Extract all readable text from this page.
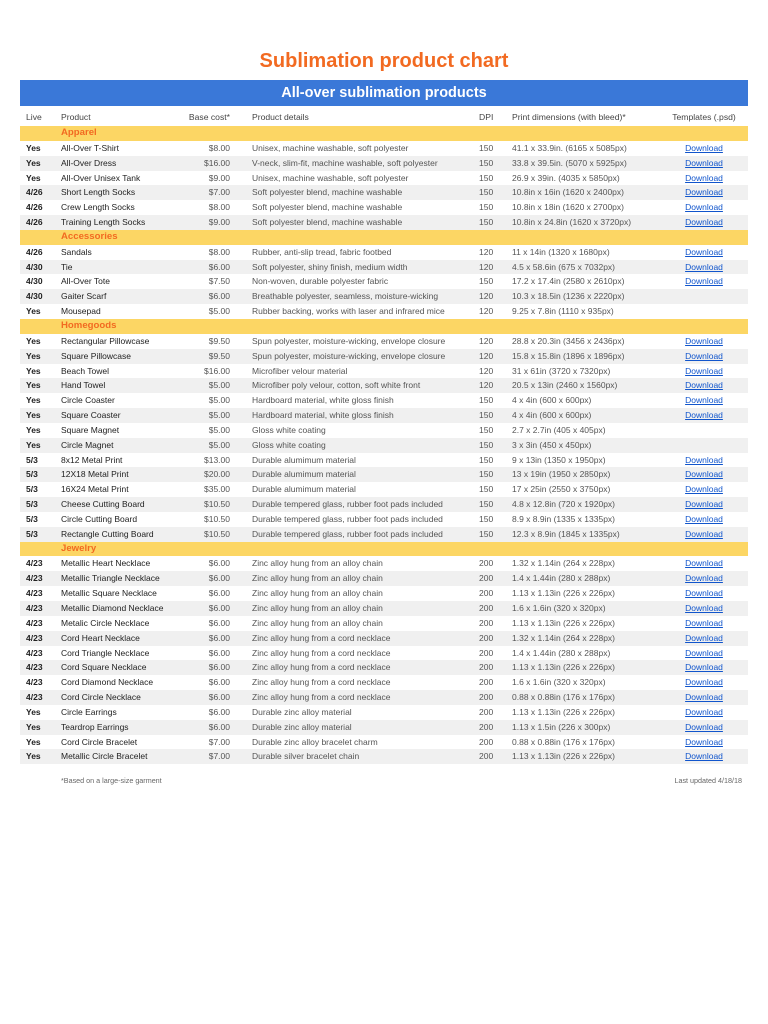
Sublimation product chart
All-over sublimation products
Live	Product	Base cost*	Product details	DPI	Print dimensions (with bleed)*	Templates (.psd)
Apparel
Yes	All-Over T-Shirt	$8.00	Unisex, machine washable, soft polyester	150	41.1 x 33.9in. (6165 x 5085px)	Download
Yes	All-Over Dress	$16.00	V-neck, slim-fit, machine washable, soft polyester	150	33.8 x 39.5in. (5070 x 5925px)	Download
Yes	All-Over Unisex Tank	$9.00	Unisex, machine washable, soft polyester	150	26.9 x 39in. (4035 x 5850px)	Download
4/26	Short Length Socks	$7.00	Soft polyester blend, machine washable	150	10.8in x 16in (1620 x 2400px)	Download
4/26	Crew Length Socks	$8.00	Soft polyester blend, machine washable	150	10.8in x 18in (1620 x 2700px)	Download
4/26	Training Length Socks	$9.00	Soft polyester blend, machine washable	150	10.8in x 24.8in (1620 x 3720px)	Download
Accessories
4/26	Sandals	$8.00	Rubber, anti-slip tread, fabric footbed	120	11 x 14in (1320 x 1680px)	Download
4/30	Tie	$6.00	Soft polyester, shiny finish, medium width	120	4.5 x 58.6in (675 x 7032px)	Download
4/30	All-Over Tote	$7.50	Non-woven, durable polyester fabric	150	17.2 x 17.4in (2580 x 2610px)	Download
4/30	Gaiter Scarf	$6.00	Breathable polyester, seamless, moisture-wicking	120	10.3 x 18.5in (1236 x 2220px)
Yes	Mousepad	$5.00	Rubber backing, works with laser and infrared mice	120	9.25 x 7.8in (1110 x 935px)
Homegoods
Yes	Rectangular Pillowcase	$9.50	Spun polyester, moisture-wicking, envelope closure	120	28.8 x 20.3in (3456 x 2436px)	Download
Yes	Square Pillowcase	$9.50	Spun polyester, moisture-wicking, envelope closure	120	15.8 x 15.8in (1896 x 1896px)	Download
Yes	Beach Towel	$16.00	Microfiber velour material	120	31 x 61in (3720 x 7320px)	Download
Yes	Hand Towel	$5.00	Microfiber poly velour, cotton, soft white front	120	20.5 x 13in (2460 x 1560px)	Download
Yes	Circle Coaster	$5.00	Hardboard material, white gloss finish	150	4 x 4in (600 x 600px)	Download
Yes	Square Coaster	$5.00	Hardboard material, white gloss finish	150	4 x 4in (600 x 600px)	Download
Yes	Square Magnet	$5.00	Gloss white coating	150	2.7 x 2.7in (405 x 405px)
Yes	Circle Magnet	$5.00	Gloss white coating	150	3 x 3in (450 x 450px)
5/3	8x12 Metal Print	$13.00	Durable alumimum material	150	9 x 13in (1350 x 1950px)	Download
5/3	12X18 Metal Print	$20.00	Durable alumimum material	150	13 x 19in (1950 x 2850px)	Download
5/3	16X24 Metal Print	$35.00	Durable alumimum material	150	17 x 25in (2550 x 3750px)	Download
5/3	Cheese Cutting Board	$10.50	Durable tempered glass, rubber foot pads included	150	4.8 x 12.8in (720 x 1920px)	Download
5/3	Circle Cutting Board	$10.50	Durable tempered glass, rubber foot pads included	150	8.9 x 8.9in (1335 x 1335px)	Download
5/3	Rectangle Cutting Board	$10.50	Durable tempered glass, rubber foot pads included	150	12.3 x 8.9in (1845 x 1335px)	Download
Jewelry
4/23	Metallic Heart Necklace	$6.00	Zinc alloy hung from an alloy chain	200	1.32 x 1.14in (264 x 228px)	Download
4/23	Metallic Triangle Necklace	$6.00	Zinc alloy hung from an alloy chain	200	1.4 x 1.44in (280 x 288px)	Download
4/23	Metallic Square Necklace	$6.00	Zinc alloy hung from an alloy chain	200	1.13 x 1.13in (226 x 226px)	Download
4/23	Metallic Diamond Necklace	$6.00	Zinc alloy hung from an alloy chain	200	1.6 x 1.6in (320 x 320px)	Download
4/23	Metalic Circle Necklace	$6.00	Zinc alloy hung from an alloy chain	200	1.13 x 1.13in (226 x 226px)	Download
4/23	Cord Heart Necklace	$6.00	Zinc alloy hung from a cord necklace	200	1.32 x 1.14in (264 x 228px)	Download
4/23	Cord Triangle Necklace	$6.00	Zinc alloy hung from a cord necklace	200	1.4 x 1.44in (280 x 288px)	Download
4/23	Cord Square Necklace	$6.00	Zinc alloy hung from a cord necklace	200	1.13 x 1.13in (226 x 226px)	Download
4/23	Cord Diamond Necklace	$6.00	Zinc alloy hung from a cord necklace	200	1.6 x 1.6in (320 x 320px)	Download
4/23	Cord Circle Necklace	$6.00	Zinc alloy hung from a cord necklace	200	0.88 x 0.88in (176 x 176px)	Download
Yes	Circle Earrings	$6.00	Durable zinc alloy material	200	1.13 x 1.13in (226 x 226px)	Download
Yes	Teardrop Earrings	$6.00	Durable zinc alloy material	200	1.13 x 1.5in (226 x 300px)	Download
Yes	Cord Circle Bracelet	$7.00	Durable zinc alloy bracelet charm	200	0.88 x 0.88in (176 x 176px)	Download
Yes	Metallic Circle Bracelet	$7.00	Durable silver bracelet chain	200	1.13 x 1.13in (226 x 226px)	Download
*Based on a large-size garment	Last updated 4/18/18
